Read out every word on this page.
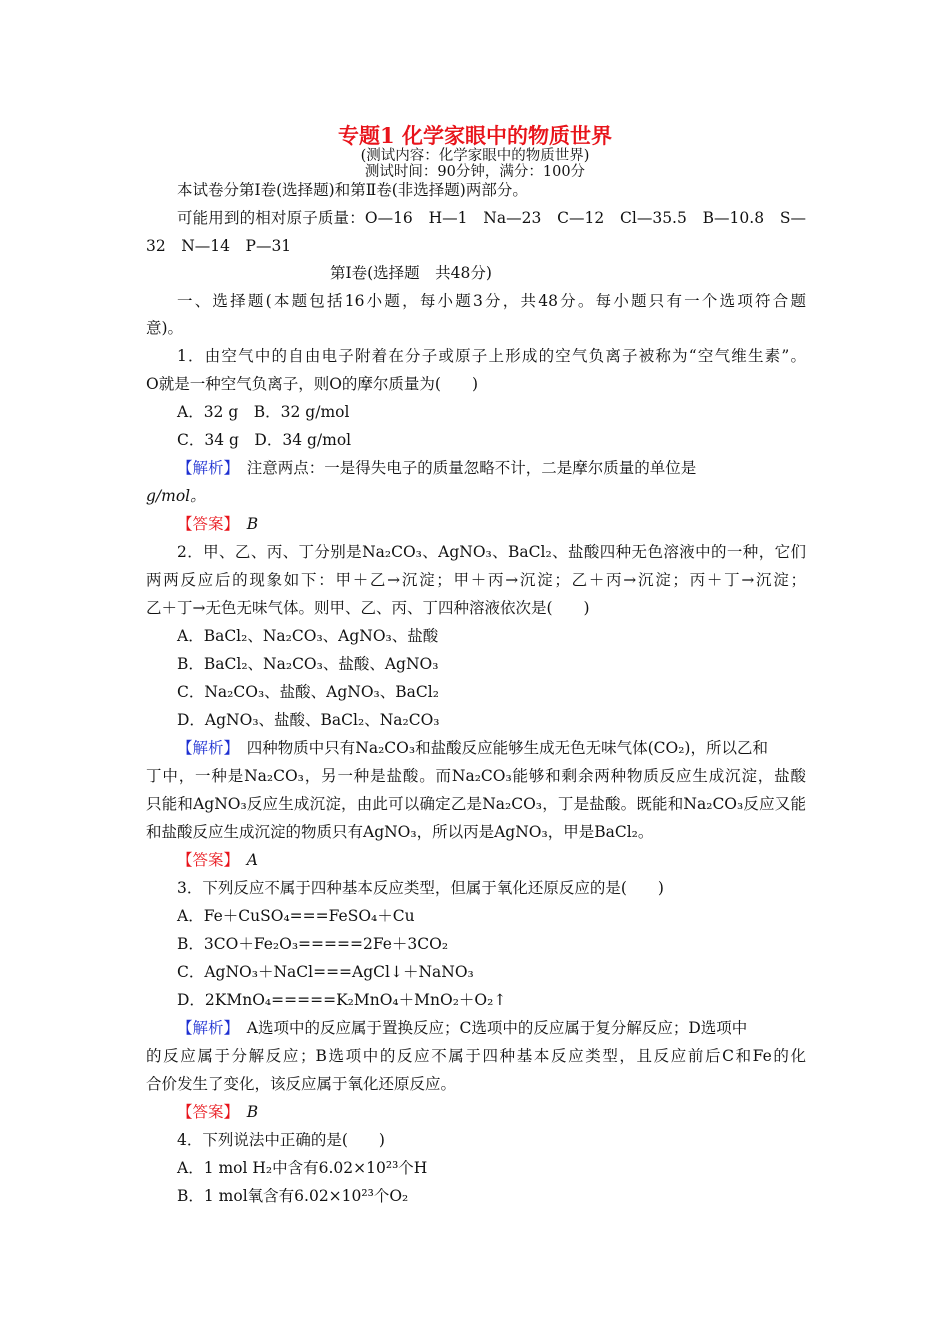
专题1 化学家眼中的物质世界
(测试内容：化学家眼中的物质世界)
测试时间：90分钟，满分：100分
本试卷分第Ⅰ卷(选择题)和第Ⅱ卷(非选择题)两部分。
可能用到的相对原子质量：O—16　H—1　Na—23　C—12　Cl—35.5　B—10.8　S—
32　N—14　P—31
第Ⅰ卷(选择题　共48分)
一、选择题(本题包括16小题，每小题3分，共48分。每小题只有一个选项符合题
意)。
1．由空气中的自由电子附着在分子或原子上形成的空气负离子被称为“空气维生素”。
O就是一种空气负离子，则O的摩尔质量为(　　)
A．32 g　B．32 g/mol
C．34 g　D．34 g/mol
【解析】　 注意两点：一是得失电子的质量忽略不计，二是摩尔质量的单位是
g/mol。
【答案】　 B
2．甲、乙、丙、丁分别是Na₂CO₃、AgNO₃、BaCl₂、盐酸四种无色溶液中的一种，它们
两两反应后的现象如下：甲＋乙→沉淀；甲＋丙→沉淀；乙＋丙→沉淀；丙＋丁→沉淀；
乙＋丁→无色无味气体。则甲、乙、丙、丁四种溶液依次是(　　)
A．BaCl₂、Na₂CO₃、AgNO₃、盐酸
B．BaCl₂、Na₂CO₃、盐酸、AgNO₃
C．Na₂CO₃、盐酸、AgNO₃、BaCl₂
D．AgNO₃、盐酸、BaCl₂、Na₂CO₃
【解析】　 四种物质中只有Na₂CO₃和盐酸反应能够生成无色无味气体(CO₂)，所以乙和
丁中，一种是Na₂CO₃，另一种是盐酸。而Na₂CO₃能够和剩余两种物质反应生成沉淀，盐酸
只能和AgNO₃反应生成沉淀，由此可以确定乙是Na₂CO₃，丁是盐酸。既能和Na₂CO₃反应又能
和盐酸反应生成沉淀的物质只有AgNO₃，所以丙是AgNO₃，甲是BaCl₂。
【答案】　 A
3．下列反应不属于四种基本反应类型，但属于氧化还原反应的是(　　)
A．Fe＋CuSO₄===FeSO₄＋Cu
B．3CO＋Fe₂O₃=====2Fe＋3CO₂
C．AgNO₃＋NaCl===AgCl↓＋NaNO₃
D．2KMnO₄=====K₂MnO₄＋MnO₂＋O₂↑
【解析】　 A选项中的反应属于置换反应；C选项中的反应属于复分解反应；D选项中
的反应属于分解反应；B选项中的反应不属于四种基本反应类型，且反应前后C和Fe的化
合价发生了变化，该反应属于氧化还原反应。
【答案】　 B
4．下列说法中正确的是(　　)
A．1 mol H₂中含有6.02×10²³个H
B．1 mol氧含有6.02×10²³个O₂
